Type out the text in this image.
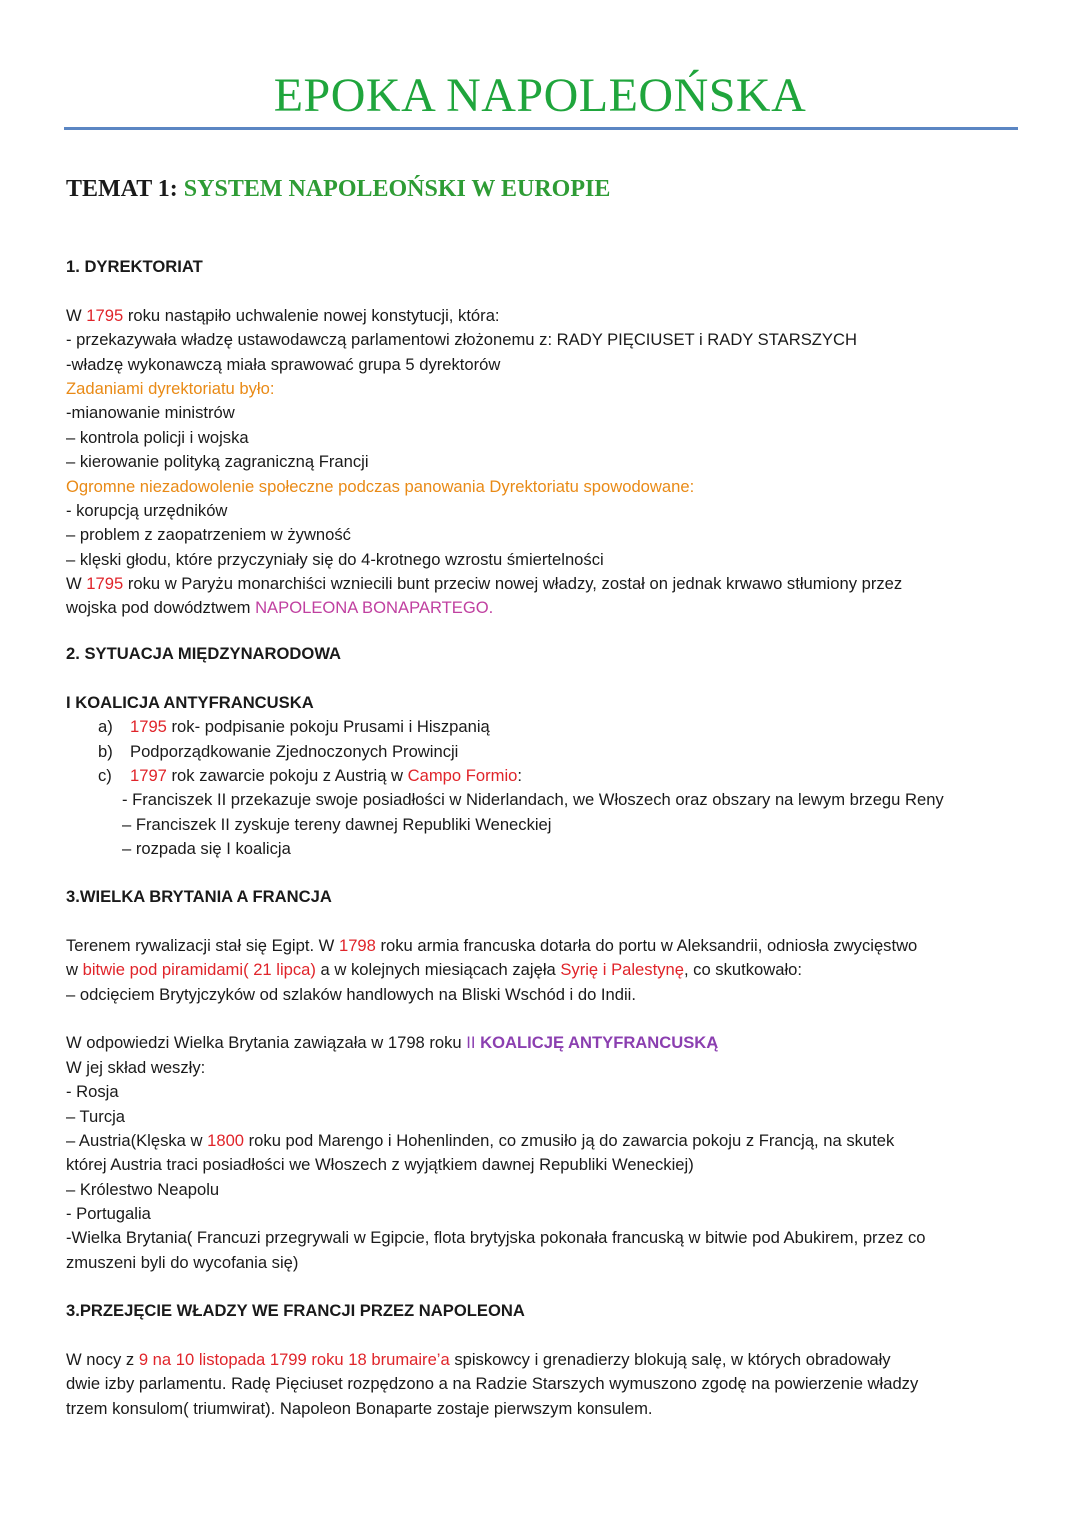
EPOKA NAPOLEOŃSKA
TEMAT 1: SYSTEM NAPOLEOŃSKI W EUROPIE
1. DYREKTORIAT
W 1795 roku nastąpiło uchwalenie nowej konstytucji, która:
- przekazywała władzę ustawodawczą parlamentowi złożonemu z: RADY PIĘCIUSET i RADY STARSZYCH
-władzę wykonawczą miała sprawować grupa 5 dyrektorów
Zadaniami dyrektoriatu było:
-mianowanie ministrów
– kontrola policji i wojska
– kierowanie polityką zagraniczną Francji
Ogromne niezadowolenie społeczne podczas panowania Dyrektoriatu spowodowane:
- korupcją urzędników
– problem z zaopatrzeniem w żywność
– klęski głodu, które przyczyniały się do 4-krotnego wzrostu śmiertelności
W 1795 roku w Paryżu monarchiści wzniecili bunt przeciw nowej władzy, został on jednak krwawo stłumiony przez
wojska pod dowództwem NAPOLEONA BONAPARTEGO.
2. SYTUACJA MIĘDZYNARODOWA
I KOALICJA ANTYFRANCUSKA
a) 1795 rok- podpisanie pokoju Prusami i Hiszpanią
b) Podporządkowanie Zjednoczonych Prowincji
c) 1797 rok zawarcie pokoju z Austrią w Campo Formio:
- Franciszek II przekazuje swoje posiadłości w Niderlandach, we Włoszech oraz obszary na lewym brzegu Reny
– Franciszek II zyskuje tereny dawnej Republiki Weneckiej
– rozpada się I koalicja
3.WIELKA BRYTANIA A FRANCJA
Terenem rywalizacji stał się Egipt. W 1798 roku armia francuska dotarła do portu w Aleksandrii, odniosła zwycięstwo
w bitwie pod piramidami( 21 lipca) a w kolejnych miesiącach zajęła Syrię i Palestynę, co skutkowało:
– odcięciem Brytyjczyków od szlaków handlowych na Bliski Wschód i do Indii.
W odpowiedzi Wielka Brytania zawiązała w 1798 roku II KOALICJĘ ANTYFRANCUSKĄ
W jej skład weszły:
- Rosja
– Turcja
– Austria(Klęska w 1800 roku pod Marengo i Hohenlinden, co zmusiło ją do zawarcia pokoju z Francją, na skutek
której Austria traci posiadłości we Włoszech z wyjątkiem dawnej Republiki Weneckiej)
– Królestwo Neapolu
- Portugalia
-Wielka Brytania( Francuzi przegrywali w Egipcie, flota brytyjska pokonała francuską w bitwie pod Abukirem, przez co
zmuszeni byli do wycofania się)
3.PRZEJĘCIE WŁADZY WE FRANCJI PRZEZ NAPOLEONA
W nocy z 9 na 10 listopada 1799 roku 18 brumaire’a spiskowcy i grenadierzy blokują salę, w których obradowały
dwie izby parlamentu. Radę Pięciuset rozpędzono a na Radzie Starszych wymuszono zgodę na powierzenie władzy
trzem konsulom( triumwirat). Napoleon Bonaparte zostaje pierwszym konsulem.
